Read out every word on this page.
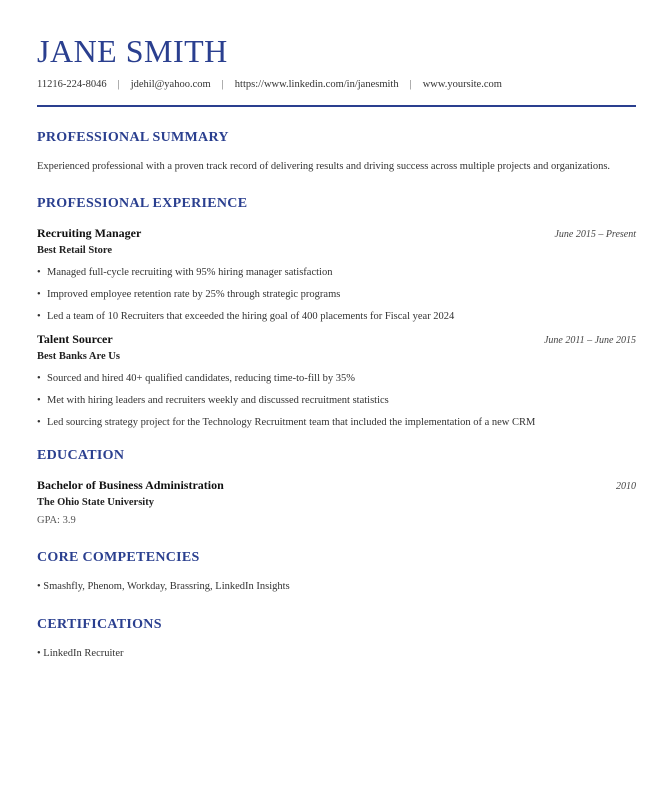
JANE SMITH
11216-224-8046 | jdehil@yahoo.com | https://www.linkedin.com/in/janesmith | www.yoursite.com
PROFESSIONAL SUMMARY
Experienced professional with a proven track record of delivering results and driving success across multiple projects and organizations.
PROFESSIONAL EXPERIENCE
Recruiting Manager	June 2015 – Present
Best Retail Store
• Managed full-cycle recruiting with 95% hiring manager satisfaction
• Improved employee retention rate by 25% through strategic programs
• Led a team of 10 Recruiters that exceeded the hiring goal of 400 placements for Fiscal year 2024
Talent Sourcer	June 2011 – June 2015
Best Banks Are Us
• Sourced and hired 40+ qualified candidates, reducing time-to-fill by 35%
• Met with hiring leaders and recruiters weekly and discussed recruitment statistics
• Led sourcing strategy project for the Technology Recruitment team that included the implementation of a new CRM
EDUCATION
Bachelor of Business Administration	2010
The Ohio State University
GPA: 3.9
CORE COMPETENCIES
• Smashfly, Phenom, Workday, Brassring, LinkedIn Insights
CERTIFICATIONS
• LinkedIn Recruiter
